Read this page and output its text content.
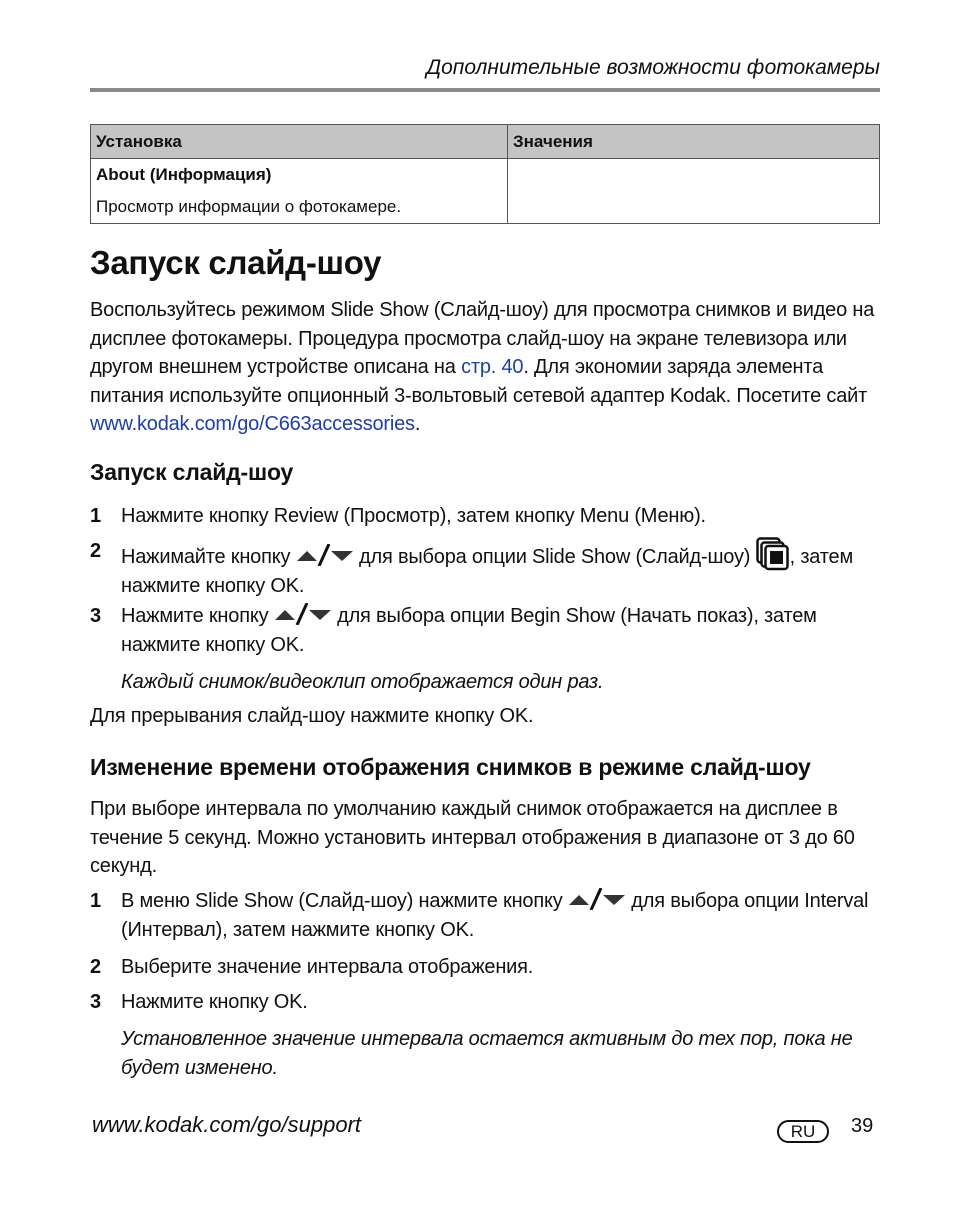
Дополнительные возможности фотокамеры
Установка	Значения

About (Информация)
Просмотр информации о фотокамере.	

Запуск слайд-шоу

Воспользуйтесь режимом Slide Show (Слайд-шоу) для просмотра снимков и видео на дисплее фотокамеры. Процедура просмотра слайд-шоу на экране телевизора или другом внешнем устройстве описана на стр. 40. Для экономии заряда элемента питания используйте опционный 3-вольтовый сетевой адаптер Kodak. Посетите сайт www.kodak.com/go/C663accessories.

Запуск слайд-шоу
1 Нажмите кнопку Review (Просмотр), затем кнопку Menu (Меню).
2 Нажимайте кнопку	для выбора опции Slide Show (Слайд-шоу) , затем нажмите кнопку OK.
3 Нажмите кнопку	для выбора опции Begin Show (Начать показ), затем нажмите кнопку OK.

Каждый снимок/видеоклип отображается один раз.

Для прерывания слайд-шоу нажмите кнопку OK.

Изменение времени отображения снимков в режиме слайд-шоу

При выборе интервала по умолчанию каждый снимок отображается на дисплее в течение 5 секунд. Можно установить интервал отображения в диапазоне от 3 до 60 секунд.

1 В меню Slide Show (Слайд-шоу) нажмите кнопку	для выбора опции Interval (Интервал), затем нажмите кнопку OK.
2 Выберите значение интервала отображения.
3 Нажмите кнопку OK.

Установленное значение интервала остается активным до тех пор, пока не будет изменено.

www.kodak.com/go/support	RU	39
